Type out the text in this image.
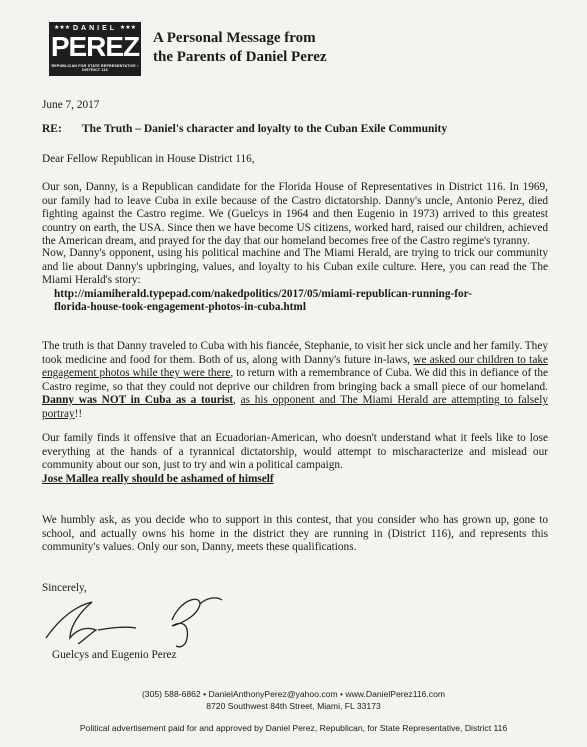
★★★ DANIEL ★★★
PEREZ
REPUBLICAN FOR STATE REPRESENTATIVE • DISTRICT 116
A Personal Message from
the Parents of Daniel Perez
June 7, 2017
RE: The Truth – Daniel's character and loyalty to the Cuban Exile Community
Dear Fellow Republican in House District 116,
Our son, Danny, is a Republican candidate for the Florida House of Representatives in District 116. In 1969, our family had to leave Cuba in exile because of the Castro dictatorship. Danny's uncle, Antonio Perez, died fighting against the Castro regime. We (Guelcys in 1964 and then Eugenio in 1973) arrived to this greatest country on earth, the USA. Since then we have become US citizens, worked hard, raised our children, achieved the American dream, and prayed for the day that our homeland becomes free of the Castro regime's tyranny.
Now, Danny's opponent, using his political machine and The Miami Herald, are trying to trick our community and lie about Danny's upbringing, values, and loyalty to his Cuban exile culture. Here, you can read the The Miami Herald's story:
http://miamiherald.typepad.com/nakedpolitics/2017/05/miami-republican-running-for-
florida-house-took-engagement-photos-in-cuba.html
The truth is that Danny traveled to Cuba with his fiancée, Stephanie, to visit her sick uncle and her family. They took medicine and food for them. Both of us, along with Danny's future in-laws, we asked our children to take engagement photos while they were there, to return with a remembrance of Cuba. We did this in defiance of the Castro regime, so that they could not deprive our children from bringing back a small piece of our homeland. Danny was NOT in Cuba as a tourist, as his opponent and The Miami Herald are attempting to falsely portray!!
Our family finds it offensive that an Ecuadorian-American, who doesn't understand what it feels like to lose everything at the hands of a tyrannical dictatorship, would attempt to mischaracterize and mislead our community about our son, just to try and win a political campaign.
Jose Mallea really should be ashamed of himself
We humbly ask, as you decide who to support in this contest, that you consider who has grown up, gone to school, and actually owns his home in the district they are running in (District 116), and represents this community's values. Only our son, Danny, meets these qualifications.
Sincerely,
Guelcys and Eugenio Perez
(305) 588-6862 • DanielAnthonyPerez@yahoo.com • www.DanielPerez116.com
8720 Southwest 84th Street, Miami, FL 33173
Political advertisement paid for and approved by Daniel Perez, Republican, for State Representative, District 116
